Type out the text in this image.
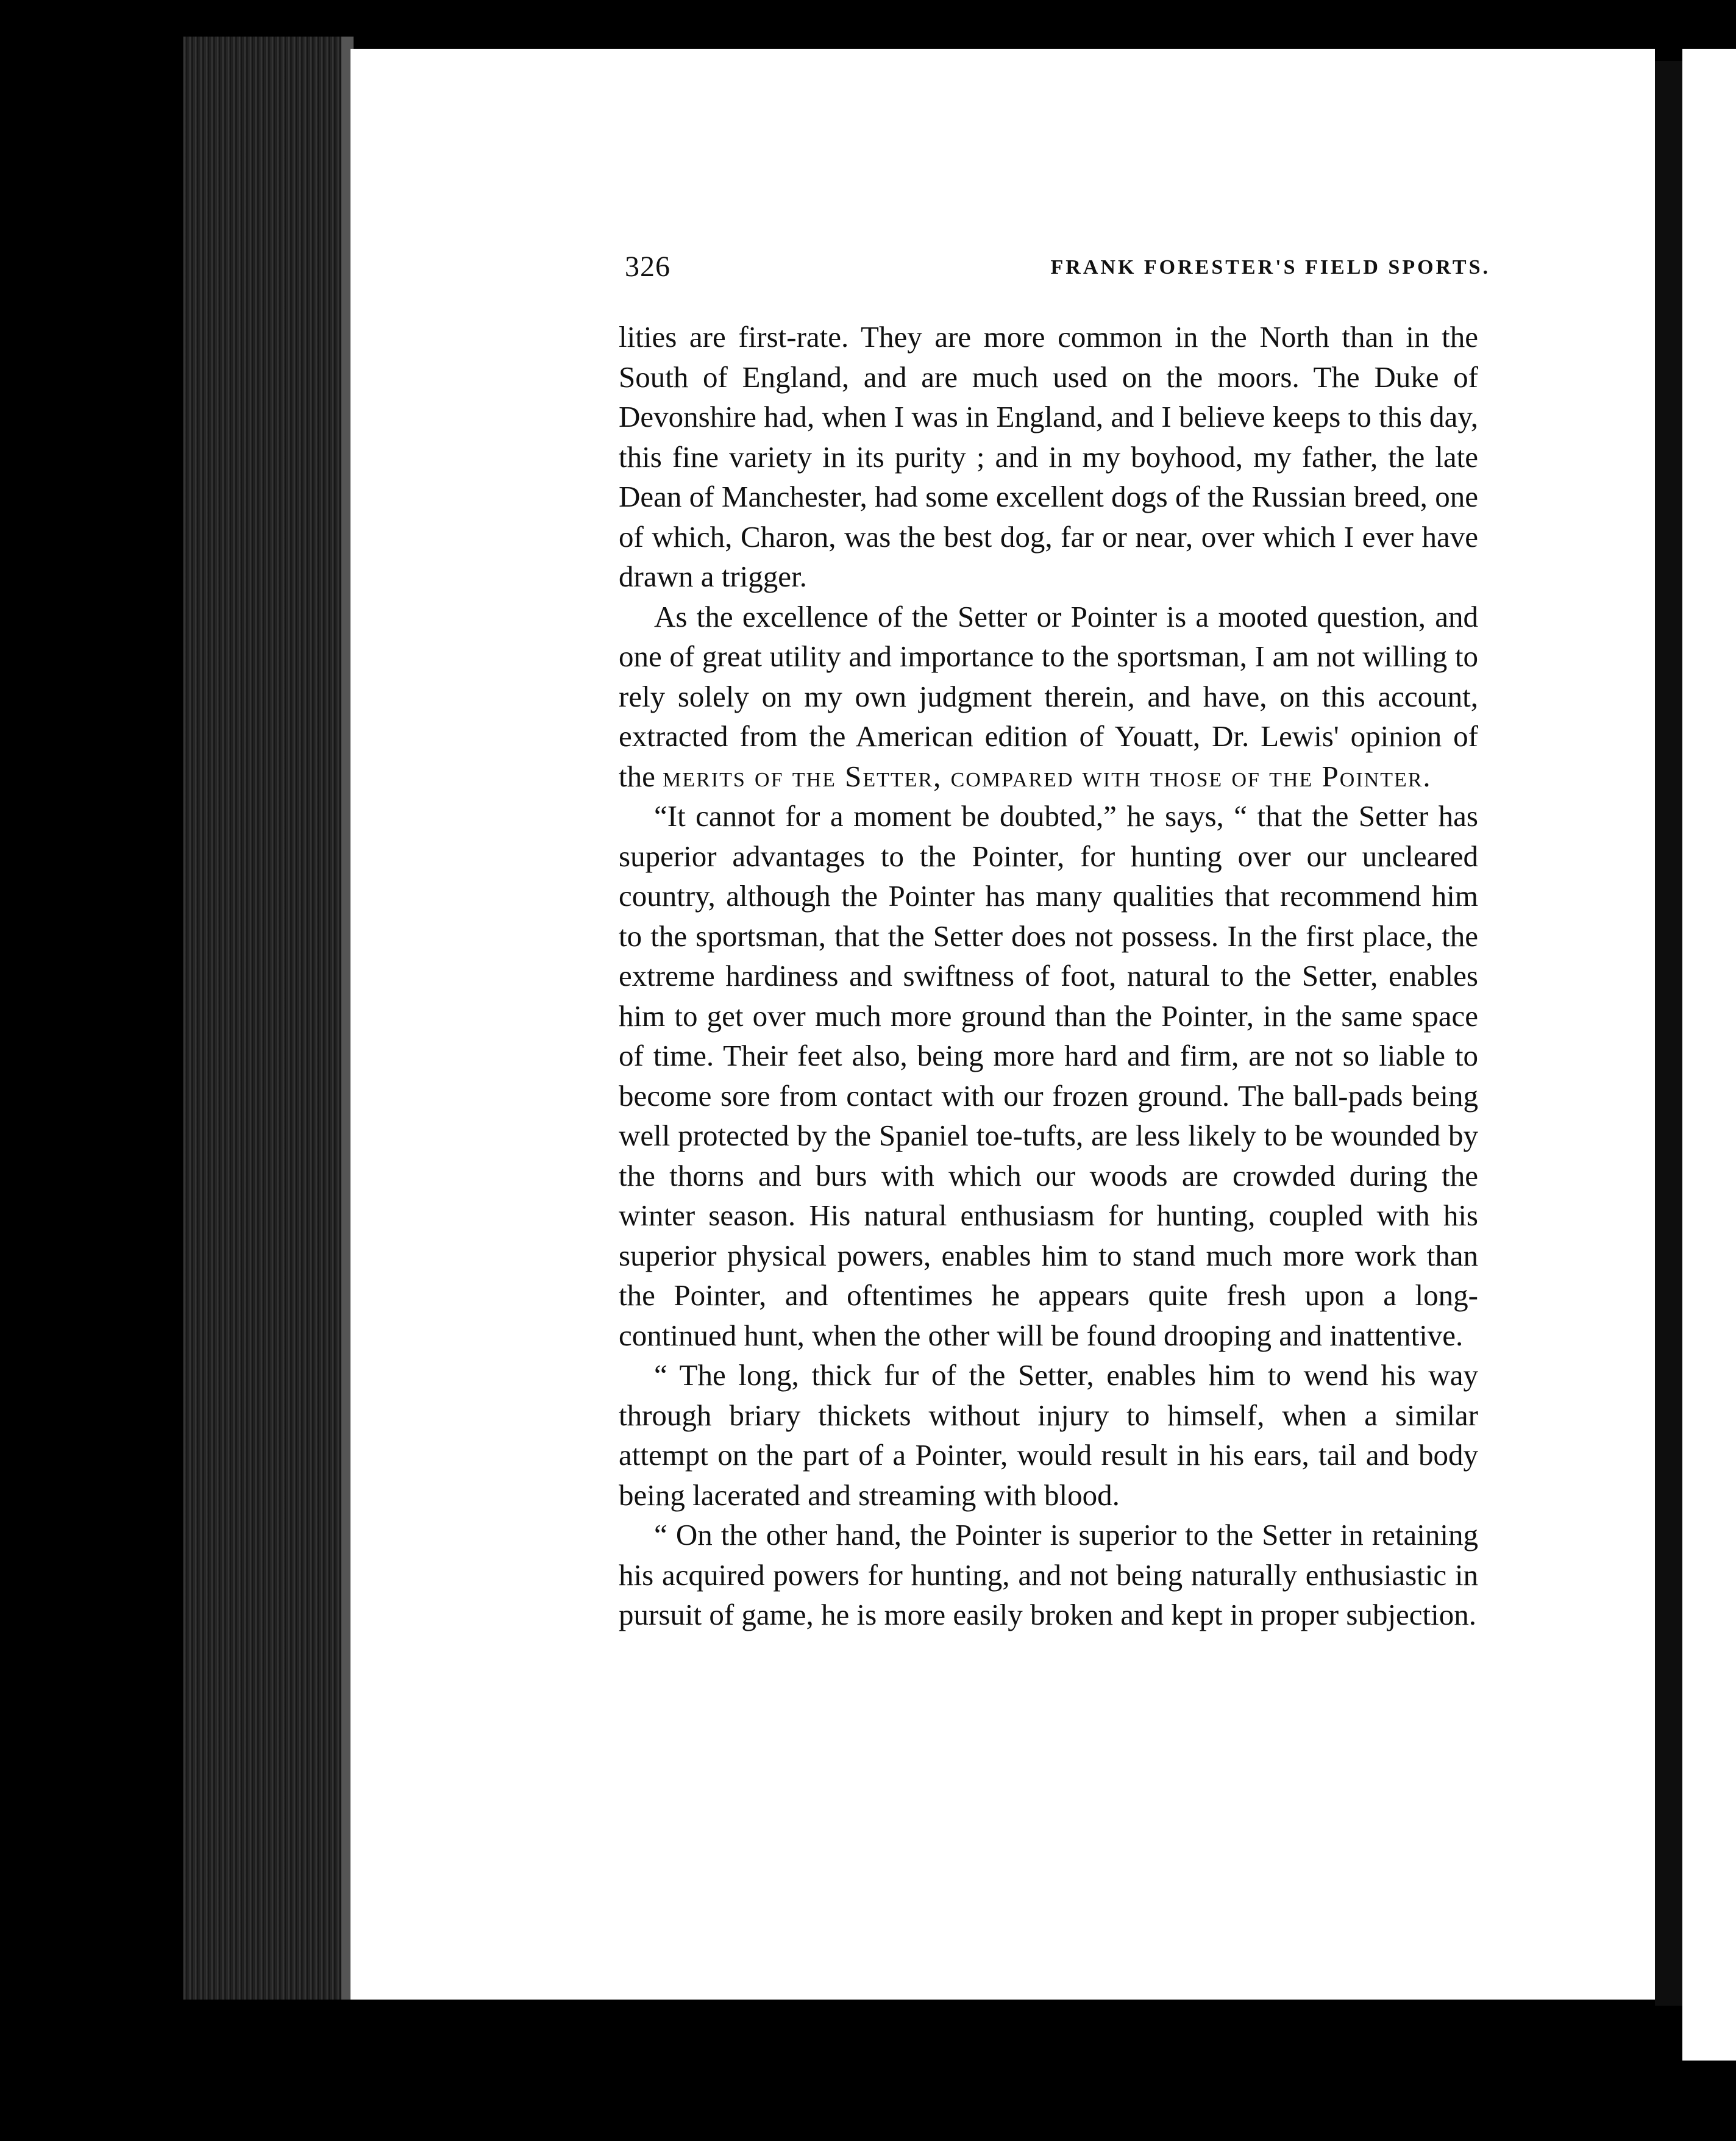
326	FRANK FORESTER'S FIELD SPORTS.

lities are first-rate. They are more common in the North than in the South of England, and are much used on the moors. The Duke of Devonshire had, when I was in England, and I believe keeps to this day, this fine variety in its purity ; and in my boyhood, my father, the late Dean of Manchester, had some excellent dogs of the Russian breed, one of which, Charon, was the best dog, far or near, over which I ever have drawn a trigger.

As the excellence of the Setter or Pointer is a mooted question, and one of great utility and importance to the sportsman, I am not willing to rely solely on my own judgment therein, and have, on this account, extracted from the American edition of Youatt, Dr. Lewis' opinion of the merits of the Setter, compared with those of the Pointer.

“It cannot for a moment be doubted,” he says, “ that the Setter has superior advantages to the Pointer, for hunting over our uncleared country, although the Pointer has many qualities that recommend him to the sportsman, that the Setter does not possess. In the first place, the extreme hardiness and swiftness of foot, natural to the Setter, enables him to get over much more ground than the Pointer, in the same space of time. Their feet also, being more hard and firm, are not so liable to become sore from contact with our frozen ground. The ball-pads being well protected by the Spaniel toe-tufts, are less likely to be wounded by the thorns and burs with which our woods are crowded during the winter season. His natural enthusiasm for hunting, coupled with his superior physical powers, enables him to stand much more work than the Pointer, and oftentimes he appears quite fresh upon a long-continued hunt, when the other will be found drooping and inattentive.

“ The long, thick fur of the Setter, enables him to wend his way through briary thickets without injury to himself, when a similar attempt on the part of a Pointer, would result in his ears, tail and body being lacerated and streaming with blood.

“ On the other hand, the Pointer is superior to the Setter in retaining his acquired powers for hunting, and not being naturally enthusiastic in pursuit of game, he is more easily broken and kept in proper subjection.
